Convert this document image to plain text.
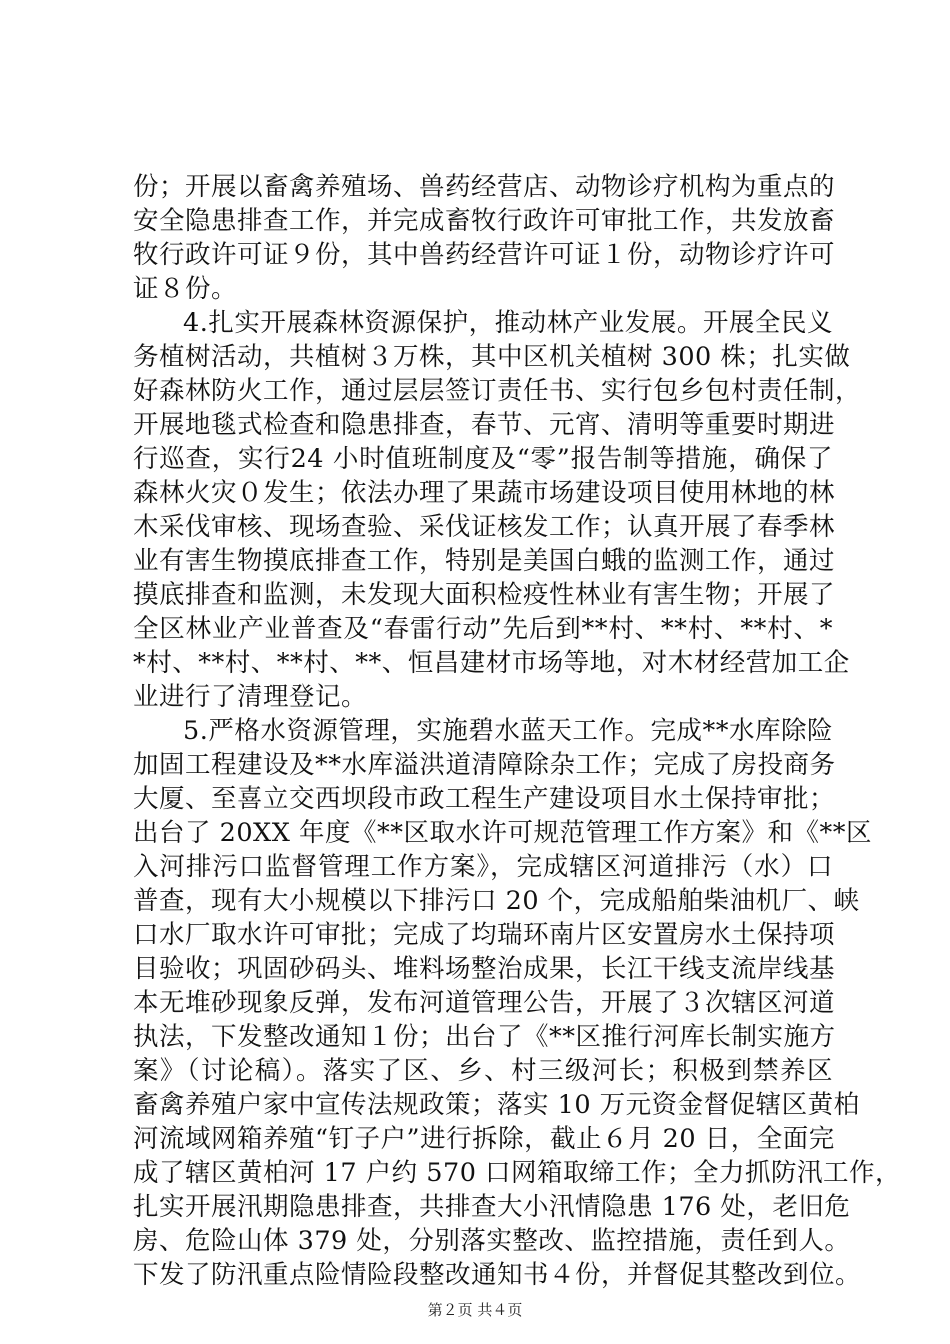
份；开展以畜禽养殖场、兽药经营店、动物诊疗机构为重点的
安全隐患排查工作，并完成畜牧行政许可审批工作，共发放畜
牧行政许可证９份，其中兽药经营许可证１份，动物诊疗许可
证８份。
4.扎实开展森林资源保护，推动林产业发展。开展全民义
务植树活动，共植树３万株，其中区机关植树 300 株；扎实做
好森林防火工作，通过层层签订责任书、实行包乡包村责任制，
开展地毯式检查和隐患排查，春节、元宵、清明等重要时期进
行巡查，实行24 小时值班制度及“零”报告制等措施，确保了
森林火灾０发生；依法办理了果蔬市场建设项目使用林地的林
木采伐审核、现场查验、采伐证核发工作；认真开展了春季林
业有害生物摸底排查工作，特别是美国白蛾的监测工作，通过
摸底排查和监测，未发现大面积检疫性林业有害生物；开展了
全区林业产业普查及“春雷行动”先后到**村、**村、**村、*
*村、**村、**村、**、恒昌建材市场等地，对木材经营加工企
业进行了清理登记。
5.严格水资源管理，实施碧水蓝天工作。完成**水库除险
加固工程建设及**水库溢洪道清障除杂工作；完成了房投商务
大厦、至喜立交西坝段市政工程生产建设项目水土保持审批；
出台了 20XX 年度《**区取水许可规范管理工作方案》和《**区
入河排污口监督管理工作方案》，完成辖区河道排污（水）口
普查，现有大小规模以下排污口 20 个，完成船舶柴油机厂、峡
口水厂取水许可审批；完成了均瑞环南片区安置房水土保持项
目验收；巩固砂码头、堆料场整治成果，长江干线支流岸线基
本无堆砂现象反弹，发布河道管理公告，开展了３次辖区河道
执法，下发整改通知１份；出台了《**区推行河库长制实施方
案》（讨论稿）。落实了区、乡、村三级河长；积极到禁养区
畜禽养殖户家中宣传法规政策；落实 10 万元资金督促辖区黄柏
河流域网箱养殖“钉子户”进行拆除，截止６月 20 日，全面完
成了辖区黄柏河 17 户约 570 口网箱取缔工作；全力抓防汛工作，
扎实开展汛期隐患排查，共排查大小汛情隐患 176 处，老旧危
房、危险山体 379 处，分别落实整改、监控措施，责任到人。
下发了防汛重点险情险段整改通知书４份，并督促其整改到位。
第２页 共４页
